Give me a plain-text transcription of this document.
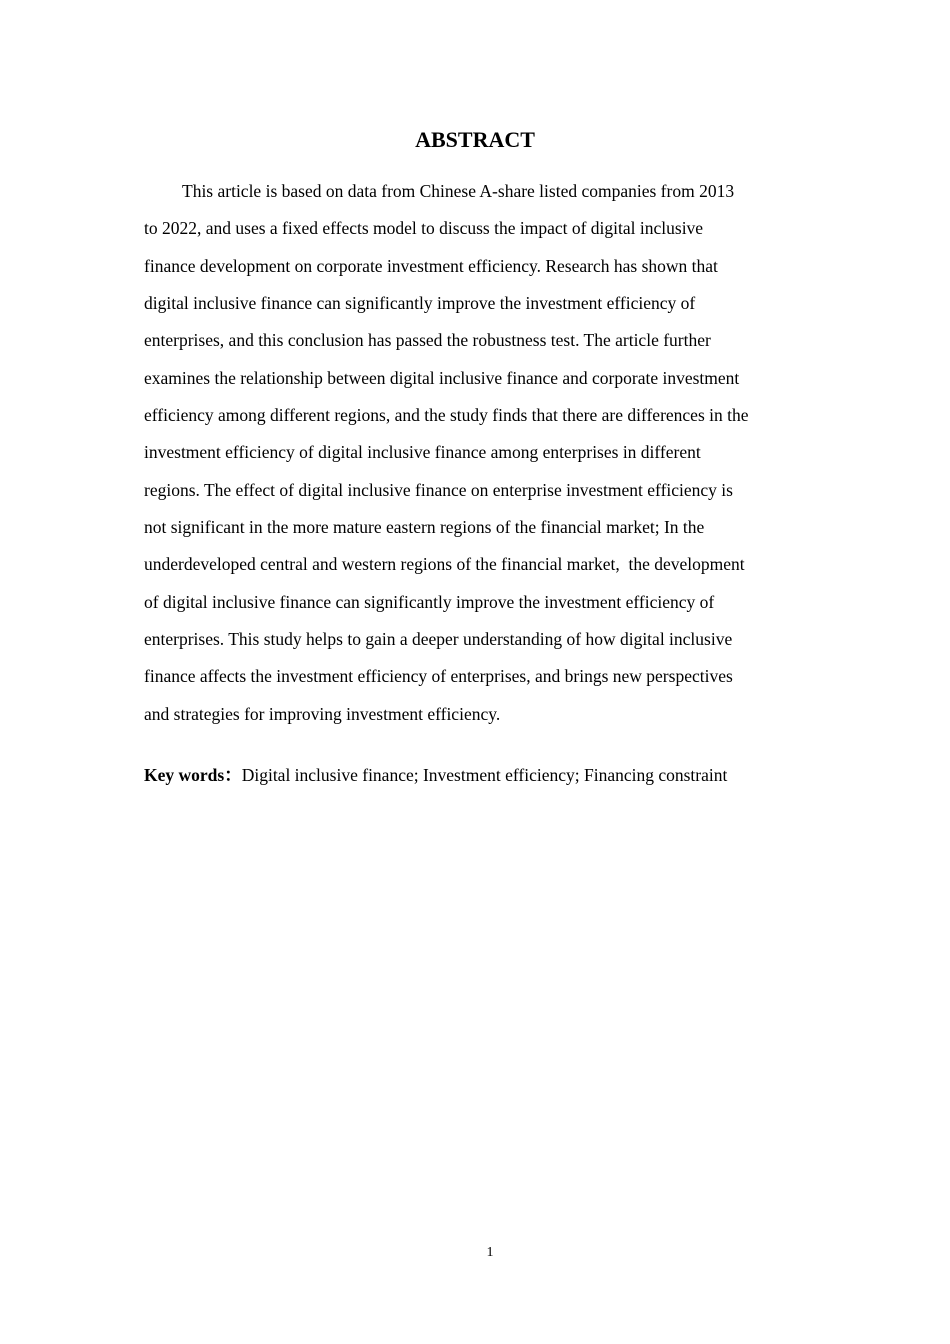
ABSTRACT

This article is based on data from Chinese A-share listed companies from 2013

to 2022, and uses a fixed effects model to discuss the impact of digital inclusive

finance development on corporate investment efficiency. Research has shown that

digital inclusive finance can significantly improve the investment efficiency of

enterprises, and this conclusion has passed the robustness test. The article further

examines the relationship between digital inclusive finance and corporate investment

efficiency among different regions, and the study finds that there are differences in the

investment efficiency of digital inclusive finance among enterprises in different

regions. The effect of digital inclusive finance on enterprise investment efficiency is

not significant in the more mature eastern regions of the financial market; In the

underdeveloped central and western regions of the financial market,  the development

of digital inclusive finance can significantly improve the investment efficiency of

enterprises. This study helps to gain a deeper understanding of how digital inclusive

finance affects the investment efficiency of enterprises, and brings new perspectives

and strategies for improving investment efficiency.

Key words：Digital inclusive finance; Investment efficiency; Financing constraint

1
